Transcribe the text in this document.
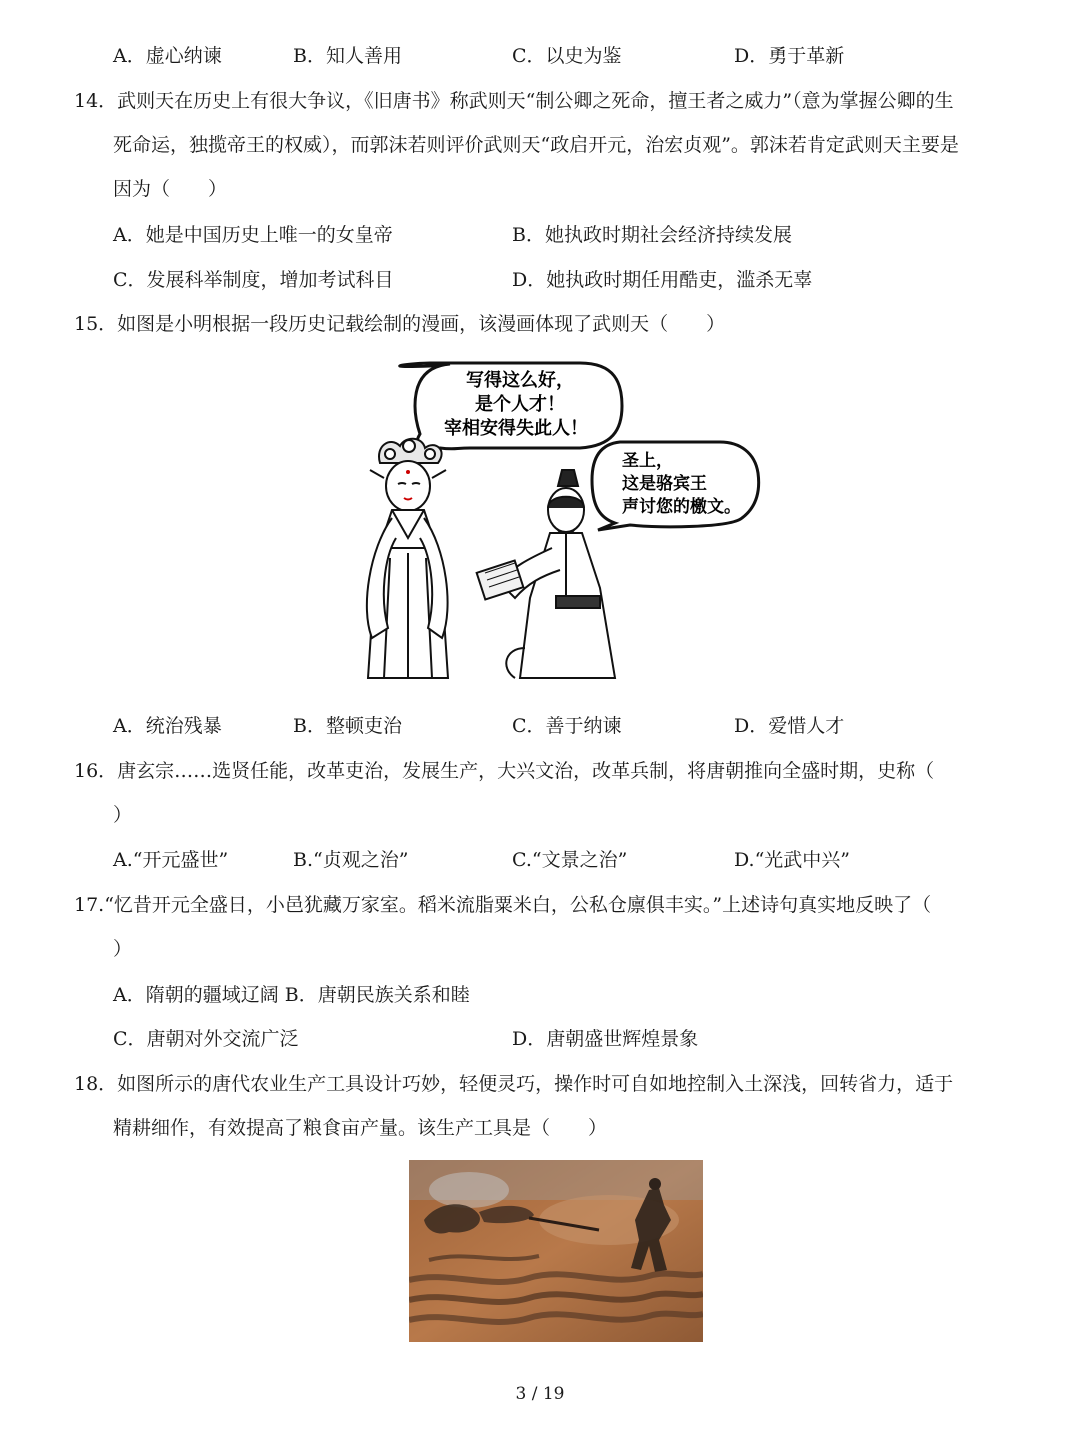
A．虚心纳谏	B．知人善用	C．以史为鉴	D．勇于革新
14．武则天在历史上有很大争议，《旧唐书》称武则天“制公卿之死命，擅王者之威力”（意为掌握公卿的生
死命运，独揽帝王的权威），而郭沫若则评价武则天“政启开元，治宏贞观”。郭沫若肯定武则天主要是
因为（　　）
A．她是中国历史上唯一的女皇帝	B．她执政时期社会经济持续发展
C．发展科举制度，增加考试科目	D．她执政时期任用酷吏，滥杀无辜
15．如图是小明根据一段历史记载绘制的漫画，该漫画体现了武则天（　　）
写得这么好，
是个人才！
宰相安得失此人！
圣上，
这是骆宾王
声讨您的檄文。
A．统治残暴	B．整顿吏治	C．善于纳谏	D．爱惜人才
16．唐玄宗……选贤任能，改革吏治，发展生产，大兴文治，改革兵制，将唐朝推向全盛时期，史称（
）
A.“开元盛世”	B.“贞观之治”	C.“文景之治”	D.“光武中兴”
17.“忆昔开元全盛日，小邑犹藏万家室。稻米流脂粟米白，公私仓廪俱丰实。”上述诗句真实地反映了（
）
A．隋朝的疆域辽阔 B．唐朝民族关系和睦
C．唐朝对外交流广泛	D．唐朝盛世辉煌景象
18．如图所示的唐代农业生产工具设计巧妙，轻便灵巧，操作时可自如地控制入土深浅，回转省力，适于
精耕细作，有效提高了粮食亩产量。该生产工具是（　　）
3 / 19
